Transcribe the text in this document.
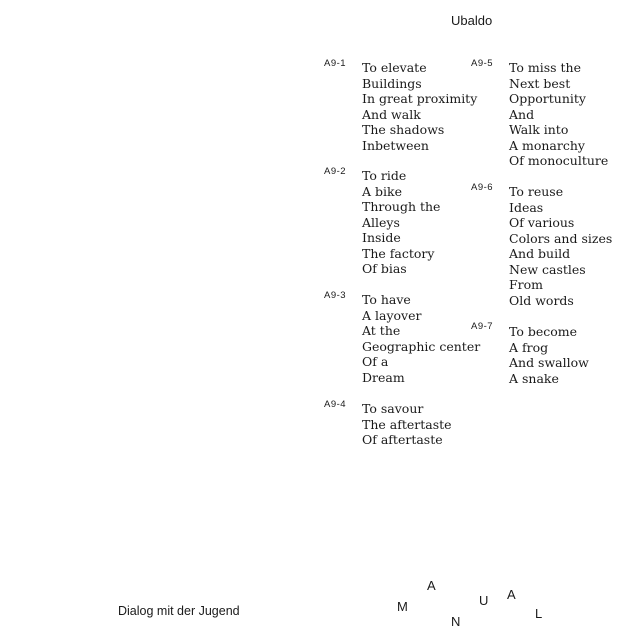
Ubaldo
A9-1 To elevate
Buildings
In great proximity
And walk
The shadows
Inbetween
A9-2 To ride
A bike
Through the
Alleys
Inside
The factory
Of bias
A9-3 To have
A layover
At the
Geographic center
Of a
Dream
A9-4 To savour
The aftertaste
Of aftertaste
A9-5 To miss the
Next best
Opportunity
And
Walk into
A monarchy
Of monoculture
A9-6 To reuse
Ideas
Of various
Colors and sizes
And build
New castles
From
Old words
A9-7 To become
A frog
And swallow
A snake
Dialog mit der Jugend	M
A
N
U A
L
